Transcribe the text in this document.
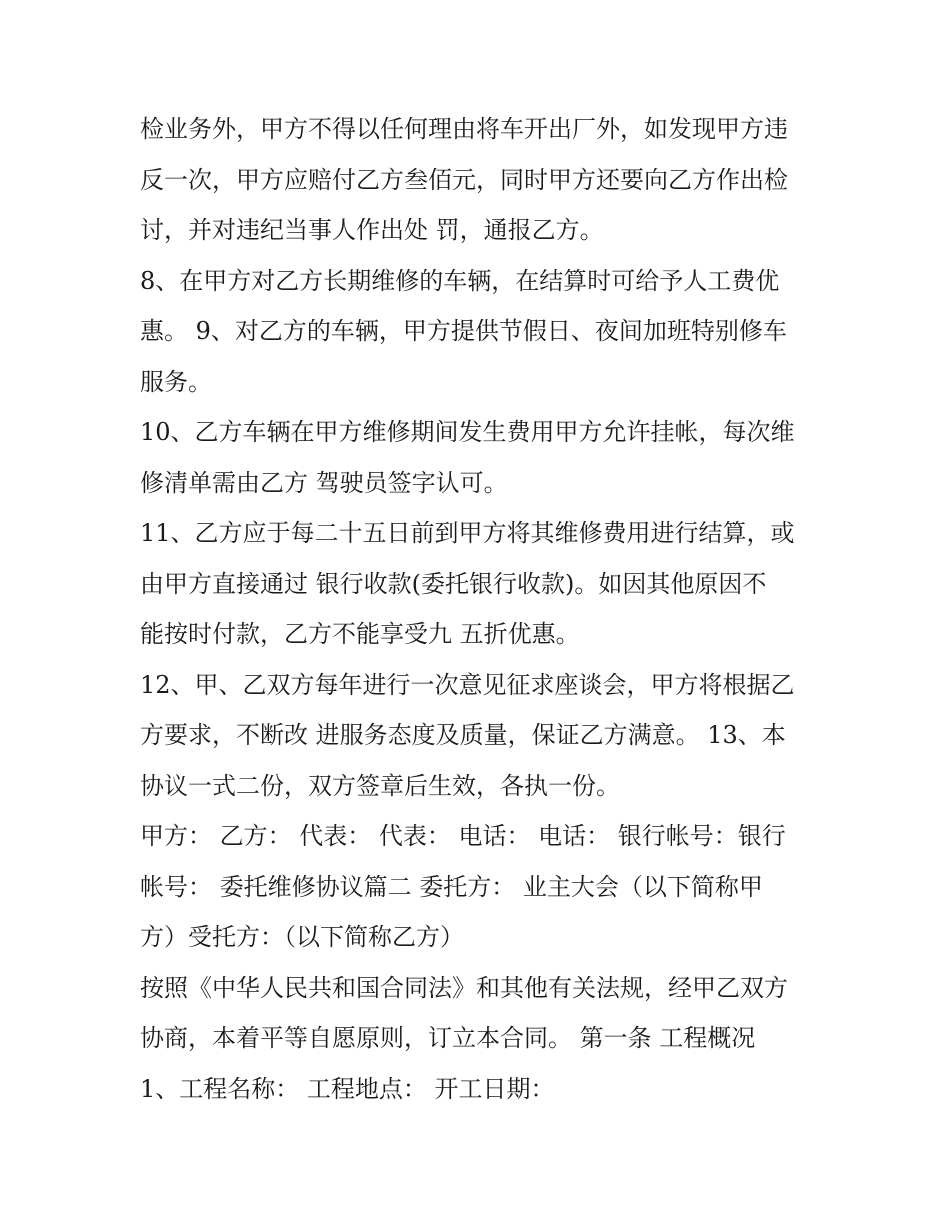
检业务外，甲方不得以任何理由将车开出厂外，如发现甲方违
反一次，甲方应赔付乙方叁佰元，同时甲方还要向乙方作出检
讨，并对违纪当事人作出处 罚，通报乙方。
8、在甲方对乙方长期维修的车辆，在结算时可给予人工费优
惠。 9、对乙方的车辆，甲方提供节假日、夜间加班特别修车
服务。
10、乙方车辆在甲方维修期间发生费用甲方允许挂帐，每次维
修清单需由乙方 驾驶员签字认可。
11、乙方应于每二十五日前到甲方将其维修费用进行结算，或
由甲方直接通过 银行收款(委托银行收款)。如因其他原因不
能按时付款，乙方不能享受九 五折优惠。
12、甲、乙双方每年进行一次意见征求座谈会，甲方将根据乙
方要求，不断改 进服务态度及质量，保证乙方满意。 13、本
协议一式二份，双方签章后生效，各执一份。
甲方： 乙方： 代表： 代表： 电话： 电话： 银行帐号：银行
帐号： 委托维修协议篇二 委托方： 业主大会（以下简称甲
方）受托方：（以下简称乙方）
按照《中华人民共和国合同法》和其他有关法规，经甲乙双方
协商，本着平等自愿原则，订立本合同。 第一条 工程概况
1、工程名称： 工程地点： 开工日期：
